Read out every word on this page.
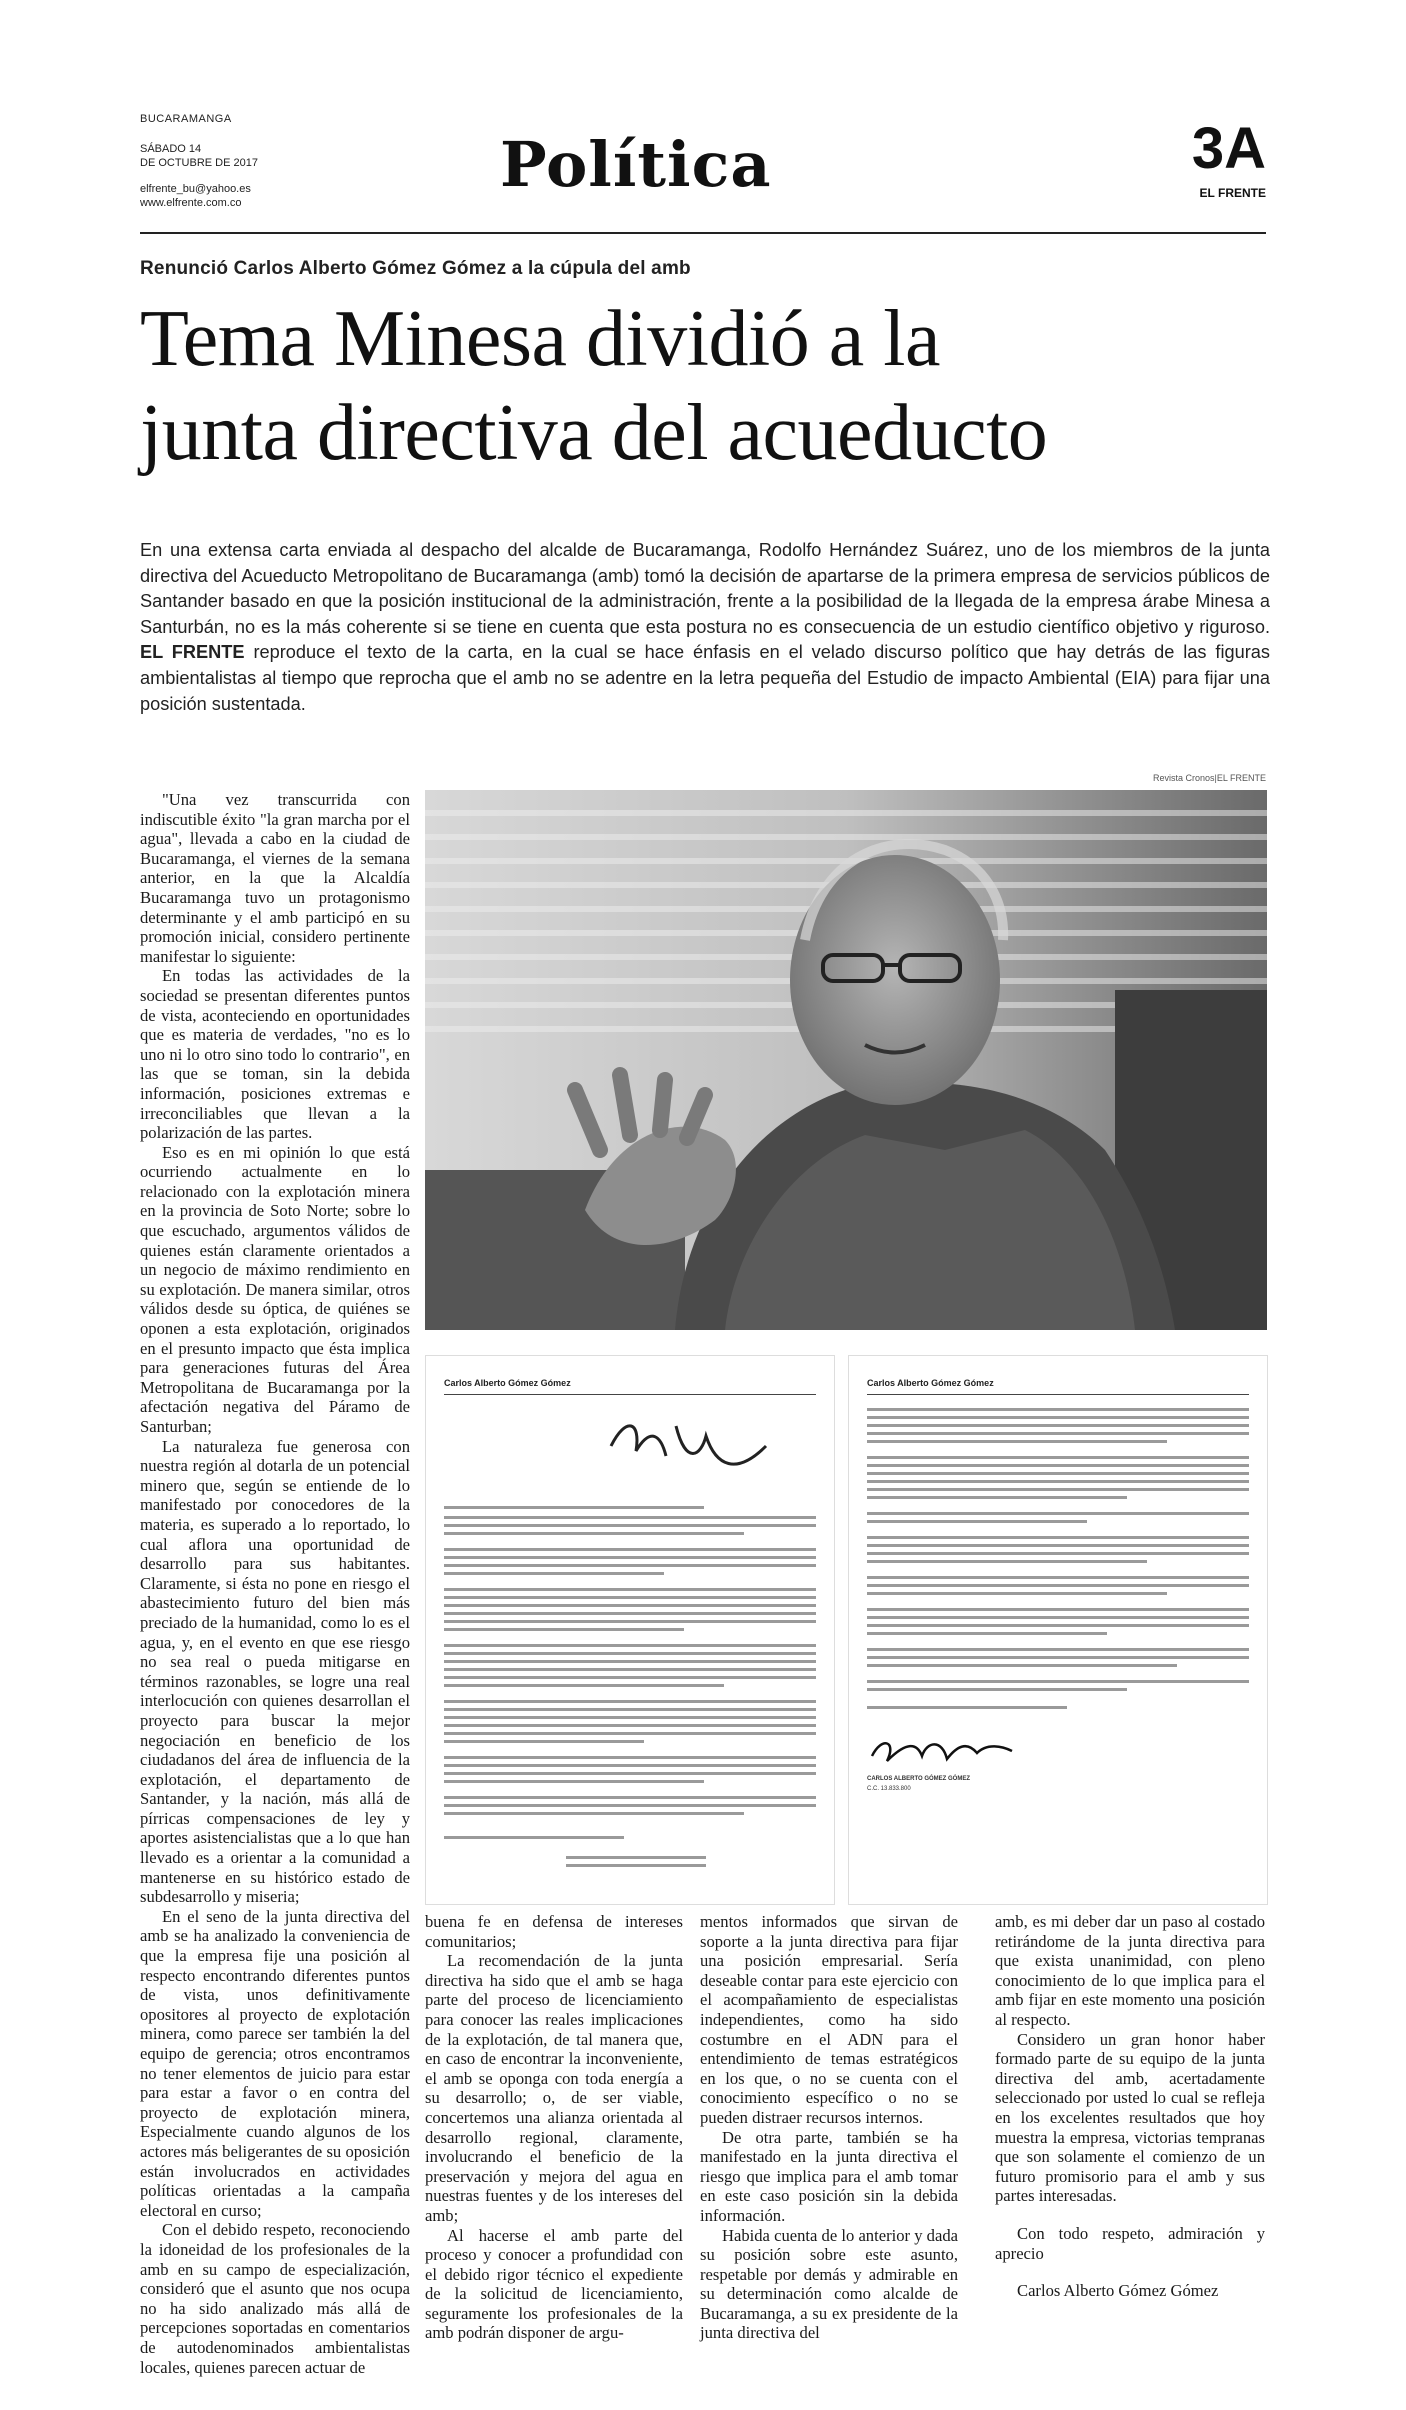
BUCARAMANGA
SÁBADO 14
DE OCTUBRE DE 2017
elfrente_bu@yahoo.es
www.elfrente.com.co
Política	3A
EL FRENTE
Renunció Carlos Alberto Gómez Gómez a la cúpula del amb
Tema Minesa dividió a la
junta directiva del acueducto
En una extensa carta enviada al despacho del alcalde de Bucaramanga, Rodolfo Hernández Suárez, uno de los miembros de la junta directiva del Acueducto Metropolitano de Bucaramanga (amb) tomó la decisión de apartarse de la primera empresa de servicios públicos de Santander basado en que la posición institucional de la administración, frente a la posibilidad de la llegada de la empresa árabe Minesa a Santurbán, no es la más coherente si se tiene en cuenta que esta postura no es consecuencia de un estudio científico objetivo y riguroso. EL FRENTE reproduce el texto de la carta, en la cual se hace énfasis en el velado discurso político que hay detrás de las figuras ambientalistas al tiempo que reprocha que el amb no se adentre en la letra pequeña del Estudio de impacto Ambiental (EIA) para fijar una posición sustentada.
Revista Cronos|EL FRENTE
Carlos Alberto Gómez Gómez	Carlos Alberto Gómez Gómez
CARLOS ALBERTO GÓMEZ GÓMEZ
C.C. 13.833.800

"Una vez transcurrida con indiscutible éxito "la gran marcha por el agua", llevada a cabo en la ciudad de Bucaramanga, el viernes de la semana anterior, en la que la Alcaldía Bucaramanga tuvo un protagonismo determinante y el amb participó en su promoción inicial, considero pertinente manifestar lo siguiente:

En todas las actividades de la sociedad se presentan diferentes puntos de vista, aconteciendo en oportunidades que es materia de verdades, "no es lo uno ni lo otro sino todo lo contrario", en las que se toman, sin la debida información, posiciones extremas e irreconciliables que llevan a la polarización de las partes.

Eso es en mi opinión lo que está ocurriendo actualmente en lo relacionado con la explotación minera en la provincia de Soto Norte; sobre lo que escuchado, argumentos válidos de quienes están claramente orientados a un negocio de máximo rendimiento en su explotación. De manera similar, otros válidos desde su óptica, de quiénes se oponen a esta explotación, originados en el presunto impacto que ésta implica para generaciones futuras del Área Metropolitana de Bucaramanga por la afectación negativa del Páramo de Santurban;

La naturaleza fue generosa con nuestra región al dotarla de un potencial minero que, según se entiende de lo manifestado por conocedores de la materia, es superado a lo reportado, lo cual aflora una oportunidad de desarrollo para sus habitantes. Claramente, si ésta no pone en riesgo el abastecimiento futuro del bien más preciado de la humanidad, como lo es el agua, y, en el evento en que ese riesgo no sea real o pueda mitigarse en términos razonables, se logre una real interlocución con quienes desarrollan el proyecto para buscar la mejor negociación en beneficio de los ciudadanos del área de influencia de la explotación, el departamento de Santander, y la nación, más allá de pírricas compensaciones de ley y aportes asistencialistas que a lo que han llevado es a orientar a la comunidad a mantenerse en su histórico estado de subdesarrollo y miseria;

En el seno de la junta directiva del amb se ha analizado la conveniencia de que la empresa fije una posición al respecto encontrando diferentes puntos de vista, unos definitivamente opositores al proyecto de explotación minera, como parece ser también la del equipo de gerencia; otros encontramos no tener elementos de juicio para estar para estar a favor o en contra del proyecto de explotación minera, Especialmente cuando algunos de los actores más beligerantes de su oposición están involucrados en actividades políticas orientadas a la campaña electoral en curso;

Con el debido respeto, reconociendo la idoneidad de los profesionales de la amb en su campo de especialización, consideró que el asunto que nos ocupa no ha sido analizado más allá de percepciones soportadas en comentarios de autodenominados ambientalistas locales, quienes parecen actuar de

buena fe en defensa de intereses comunitarios;

La recomendación de la junta directiva ha sido que el amb se haga parte del proceso de licenciamiento para conocer las reales implicaciones de la explotación, de tal manera que, en caso de encontrar la inconveniente, el amb se oponga con toda energía a su desarrollo; o, de ser viable, concertemos una alianza orientada al desarrollo regional, claramente, involucrando el beneficio de la preservación y mejora del agua en nuestras fuentes y de los intereses del amb;

Al hacerse el amb parte del proceso y conocer a profundidad con el debido rigor técnico el expediente de la solicitud de licenciamiento, seguramente los profesionales de la amb podrán disponer de argu-

mentos informados que sirvan de soporte a la junta directiva para fijar una posición empresarial. Sería deseable contar para este ejercicio con el acompañamiento de especialistas independientes, como ha sido costumbre en el ADN para el entendimiento de temas estratégicos en los que, o no se cuenta con el conocimiento específico o no se pueden distraer recursos internos.

De otra parte, también se ha manifestado en la junta directiva el riesgo que implica para el amb tomar en este caso posición sin la debida información.

Habida cuenta de lo anterior y dada su posición sobre este asunto, respetable por demás y admirable en su determinación como alcalde de Bucaramanga, a su ex presidente de la junta directiva del

amb, es mi deber dar un paso al costado retirándome de la junta directiva para que exista unanimidad, con pleno conocimiento de lo que implica para el amb fijar en este momento una posición al respecto.

Considero un gran honor haber formado parte de su equipo de la junta directiva del amb, acertadamente seleccionado por usted lo cual se refleja en los excelentes resultados que hoy muestra la empresa, victorias tempranas que son solamente el comienzo de un futuro promisorio para el amb y sus partes interesadas.

Con todo respeto, admiración y aprecio

Carlos Alberto Gómez Gómez
